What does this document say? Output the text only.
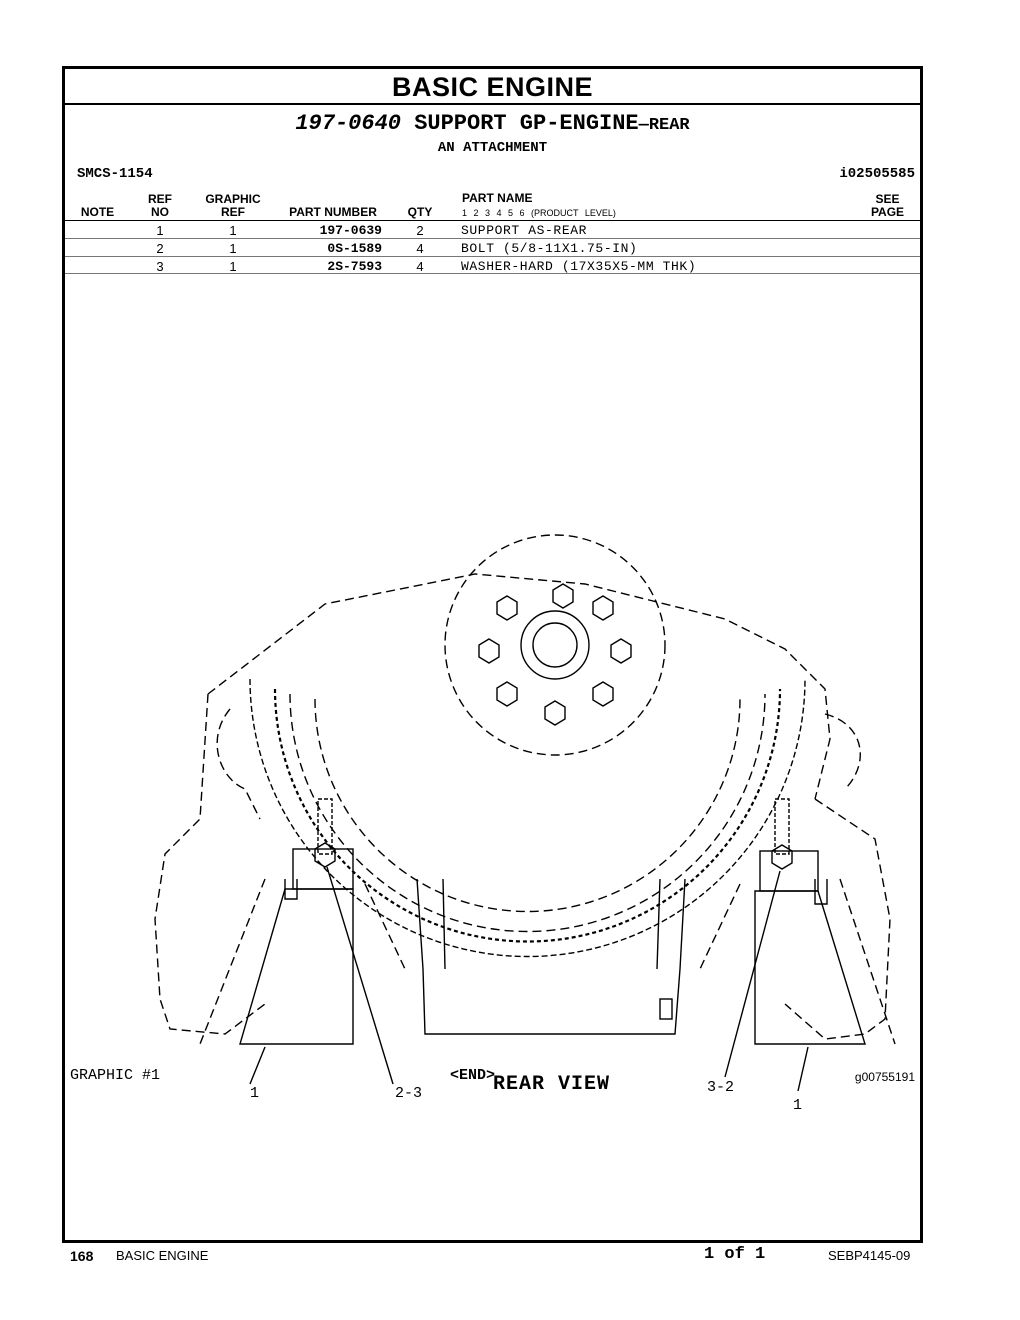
BASIC ENGINE
197-0640 SUPPORT GP-ENGINE—REAR
AN ATTACHMENT
SMCS-1154	i02505585
NOTE
REF
NO
GRAPHIC
REF	PART NUMBER	QTY
PART NAME
1 2 3 4 5 6 (PRODUCT LEVEL)
SEE
PAGE
1	1	197-0639	2	SUPPORT AS-REAR
2	1	0S-1589	4	BOLT (5/8-11X1.75-IN)
3	1	2S-7593	4	WASHER-HARD (17X35X5-MM THK)
1	2-3	3-2
1
REAR VIEW
GRAPHIC #1	<END>	g00755191
168 BASIC ENGINE	1 of 1	SEBP4145-09
